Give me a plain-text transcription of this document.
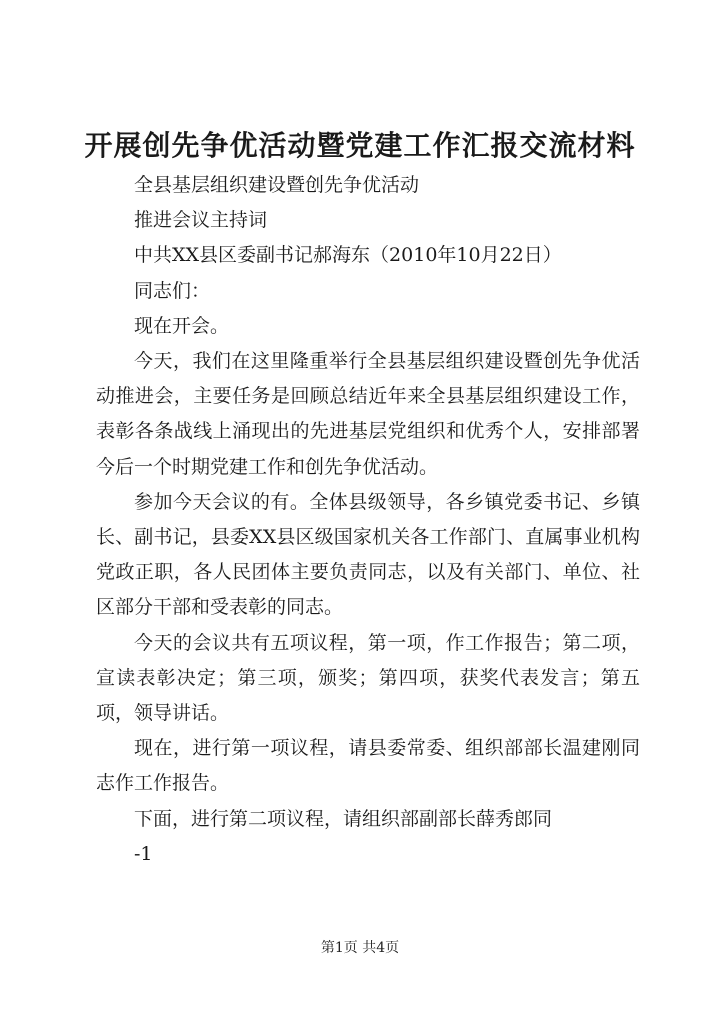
开展创先争优活动暨党建工作汇报交流材料

全县基层组织建设暨创先争优活动

推进会议主持词

中共XX县区委副书记郝海东（2010年10月22日）

同志们：

现在开会。

今天，我们在这里隆重举行全县基层组织建设暨创先争优活动推进会，主要任务是回顾总结近年来全县基层组织建设工作，表彰各条战线上涌现出的先进基层党组织和优秀个人，安排部署今后一个时期党建工作和创先争优活动。

参加今天会议的有。全体县级领导，各乡镇党委书记、乡镇长、副书记，县委XX县区级国家机关各工作部门、直属事业机构党政正职，各人民团体主要负责同志，以及有关部门、单位、社区部分干部和受表彰的同志。

今天的会议共有五项议程，第一项，作工作报告；第二项，宣读表彰决定；第三项，颁奖；第四项，获奖代表发言；第五项，领导讲话。

现在，进行第一项议程，请县委常委、组织部部长温建刚同志作工作报告。

下面，进行第二项议程，请组织部副部长薛秀郎同

-1

第1页 共4页
